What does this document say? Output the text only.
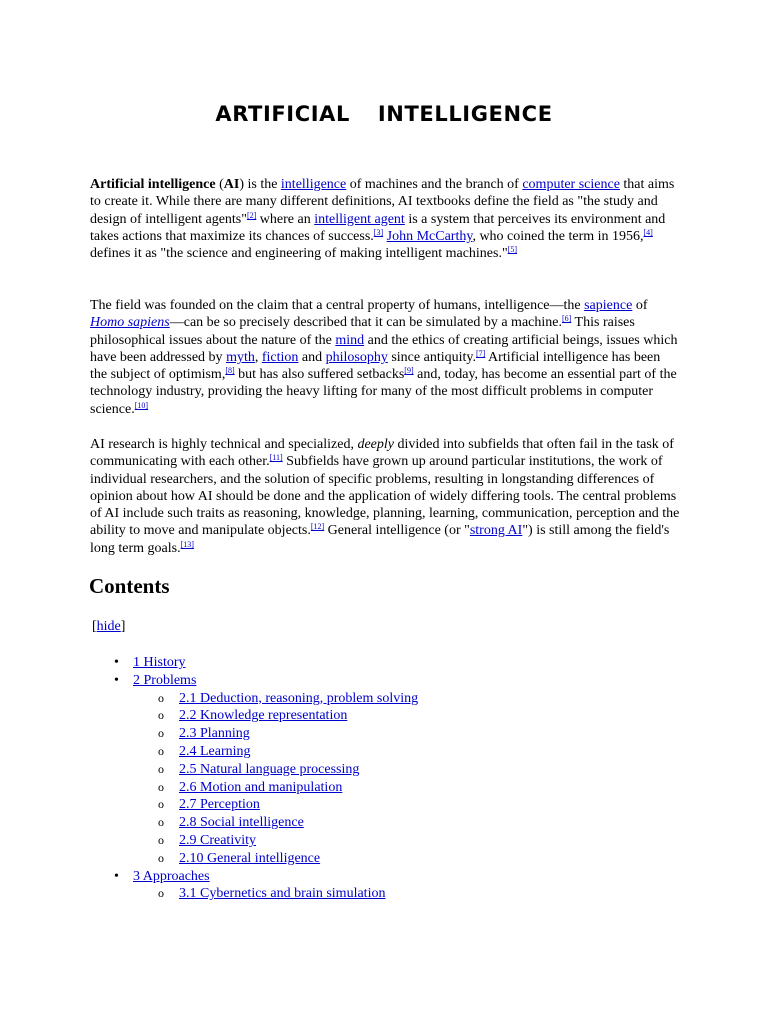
ARTIFICIAL INTELLIGENCE

Artificial intelligence (AI) is the intelligence of machines and the branch of computer science that aims to create it. While there are many different definitions, AI textbooks define the field as "the study and design of intelligent agents"[2] where an intelligent agent is a system that perceives its environment and takes actions that maximize its chances of success.[3] John McCarthy, who coined the term in 1956,[4] defines it as "the science and engineering of making intelligent machines."[5]

The field was founded on the claim that a central property of humans, intelligence—the sapience of Homo sapiens—can be so precisely described that it can be simulated by a machine.[6] This raises philosophical issues about the nature of the mind and the ethics of creating artificial beings, issues which have been addressed by myth, fiction and philosophy since antiquity.[7] Artificial intelligence has been the subject of optimism,[8] but has also suffered setbacks[9] and, today, has become an essential part of the technology industry, providing the heavy lifting for many of the most difficult problems in computer science.[10]

AI research is highly technical and specialized, deeply divided into subfields that often fail in the task of communicating with each other.[11] Subfields have grown up around particular institutions, the work of individual researchers, and the solution of specific problems, resulting in longstanding differences of opinion about how AI should be done and the application of widely differing tools. The central problems of AI include such traits as reasoning, knowledge, planning, learning, communication, perception and the ability to move and manipulate objects.[12] General intelligence (or "strong AI") is still among the field's long term goals.[13]

Contents
[hide]
• 1 History
• 2 Problems
o 2.1 Deduction, reasoning, problem solving
o 2.2 Knowledge representation
o 2.3 Planning
o 2.4 Learning
o 2.5 Natural language processing
o 2.6 Motion and manipulation
o 2.7 Perception
o 2.8 Social intelligence
o 2.9 Creativity
o 2.10 General intelligence
• 3 Approaches
o 3.1 Cybernetics and brain simulation
